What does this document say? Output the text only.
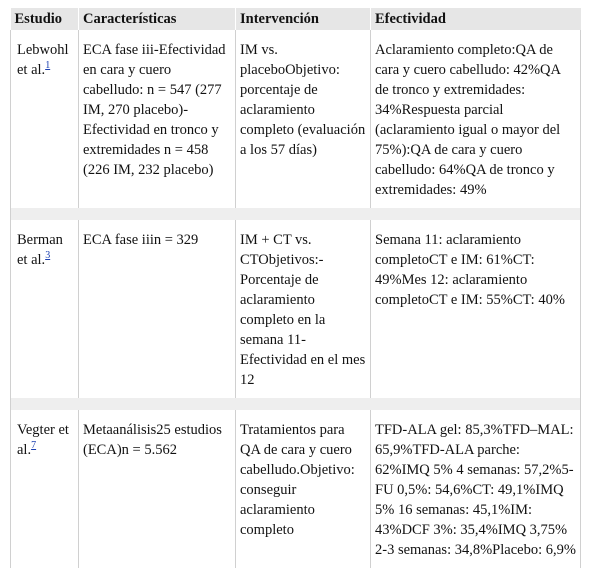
Estudio	Características	Intervención	Efectividad
Lebwohl et al.$^1$	ECA fase iii-Efectividad en cara y cuero cabelludo: n = 547 (277 IM, 270 placebo)-Efectividad en tronco y extremidades n = 458 (226 IM, 232 placebo)	IM vs. placeboObjetivo: porcentaje de aclaramiento completo (evaluación a los 57 días)	Aclaramiento completo:QA de cara y cuero cabelludo: 42%QA de tronco y extremidades: 34%Respuesta parcial (aclaramiento igual o mayor del 75%):QA de cara y cuero cabelludo: 64%QA de tronco y extremidades: 49%

Berman et al.$^3$	ECA fase iiin = 329	IM + CT vs. CTObjetivos:-Porcentaje de aclaramiento completo en la semana 11-Efectividad en el mes 12	Semana 11: aclaramiento completoCT e IM: 61%CT: 49%Mes 12: aclaramiento completoCT e IM: 55%CT: 40%

Vegter et al.$^7$	Metaanálisis25 estudios (ECA)n = 5.562	Tratamientos para QA de cara y cuero cabelludo.Objetivo: conseguir aclaramiento completo	TFD-ALA gel: 85,3%TFD–MAL: 65,9%TFD-ALA parche: 62%IMQ 5% 4 semanas: 57,2%5-FU 0,5%: 54,6%CT: 49,1%IMQ 5% 16 semanas: 45,1%IM: 43%DCF 3%: 35,4%IMQ 3,75% 2-3 semanas: 34,8%Placebo: 6,9%
